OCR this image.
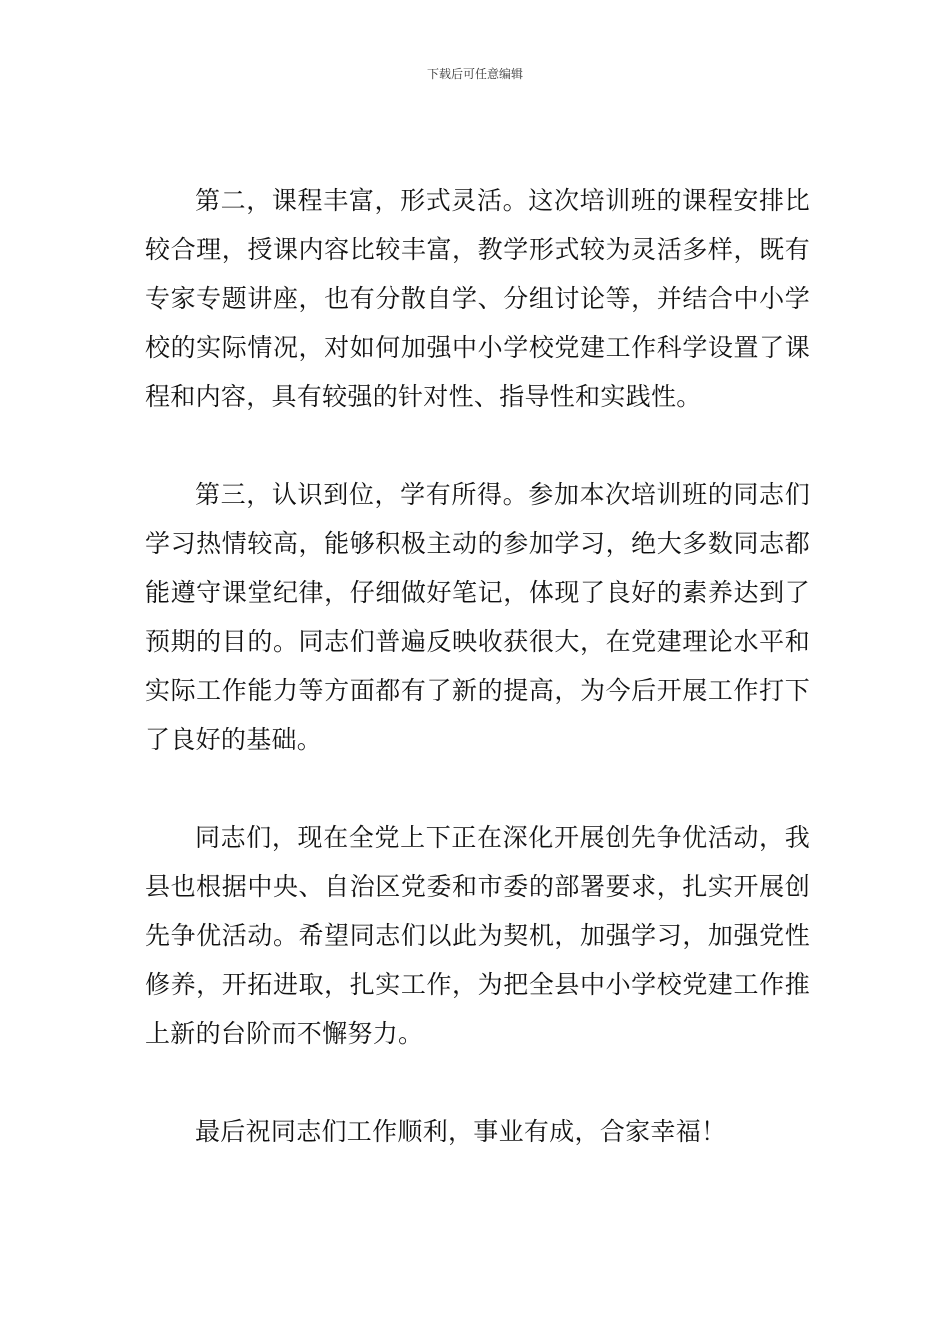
下载后可任意编辑

第二，课程丰富，形式灵活。这次培训班的课程安排比较合理，授课内容比较丰富，教学形式较为灵活多样，既有专家专题讲座，也有分散自学、分组讨论等，并结合中小学校的实际情况，对如何加强中小学校党建工作科学设置了课程和内容，具有较强的针对性、指导性和实践性。

第三，认识到位，学有所得。参加本次培训班的同志们学习热情较高，能够积极主动的参加学习，绝大多数同志都能遵守课堂纪律，仔细做好笔记，体现了良好的素养达到了预期的目的。同志们普遍反映收获很大，在党建理论水平和实际工作能力等方面都有了新的提高，为今后开展工作打下了良好的基础。

同志们，现在全党上下正在深化开展创先争优活动，我县也根据中央、自治区党委和市委的部署要求，扎实开展创先争优活动。希望同志们以此为契机，加强学习，加强党性修养，开拓进取，扎实工作，为把全县中小学校党建工作推上新的台阶而不懈努力。

最后祝同志们工作顺利，事业有成，合家幸福！
